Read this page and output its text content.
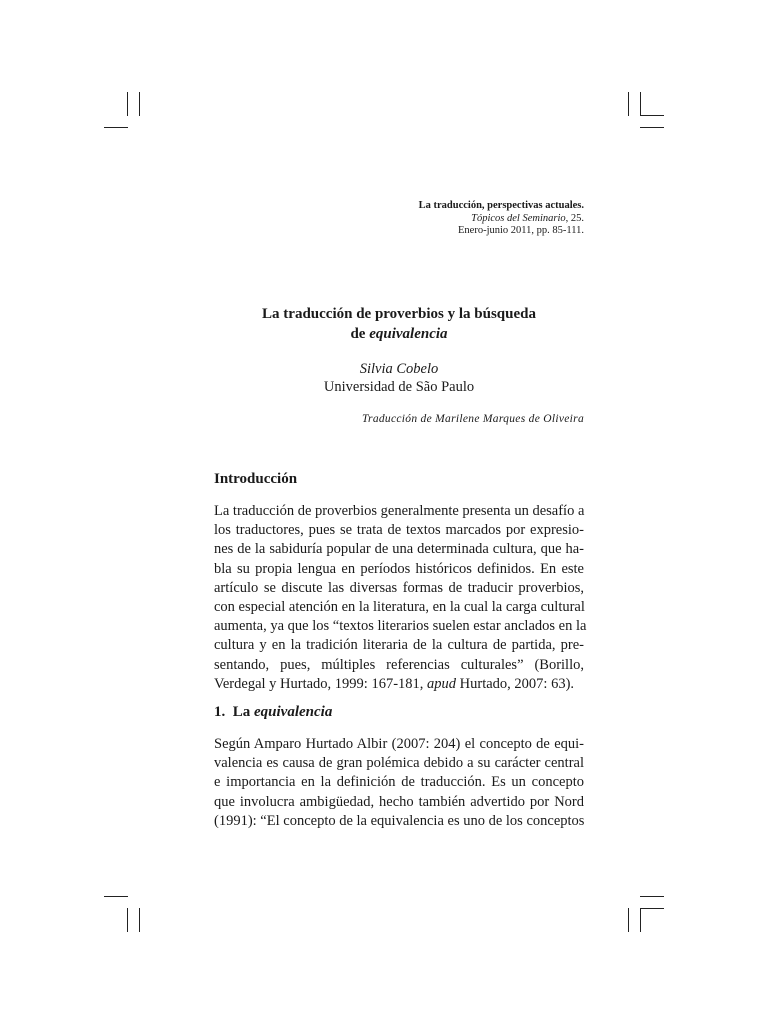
La traducción, perspectivas actuales.
Tópicos del Seminario, 25.
Enero-junio 2011, pp. 85-111.
La traducción de proverbios y la búsqueda
de equivalencia
Silvia Cobelo
Universidad de São Paulo
Traducción de Marilene Marques de Oliveira
Introducción
La traducción de proverbios generalmente presenta un desafío a
los traductores, pues se trata de textos marcados por expresio-
nes de la sabiduría popular de una determinada cultura, que ha-
bla su propia lengua en períodos históricos definidos. En este
artículo se discute las diversas formas de traducir proverbios,
con especial atención en la literatura, en la cual la carga cultural
aumenta, ya que los “textos literarios suelen estar anclados en la
cultura y en la tradición literaria de la cultura de partida, pre-
sentando, pues, múltiples referencias culturales” (Borillo,
Verdegal y Hurtado, 1999: 167-181, apud Hurtado, 2007: 63).
1. La equivalencia
Según Amparo Hurtado Albir (2007: 204) el concepto de equi-
valencia es causa de gran polémica debido a su carácter central
e importancia en la definición de traducción. Es un concepto
que involucra ambigüedad, hecho también advertido por Nord
(1991): “El concepto de la equivalencia es uno de los conceptos
